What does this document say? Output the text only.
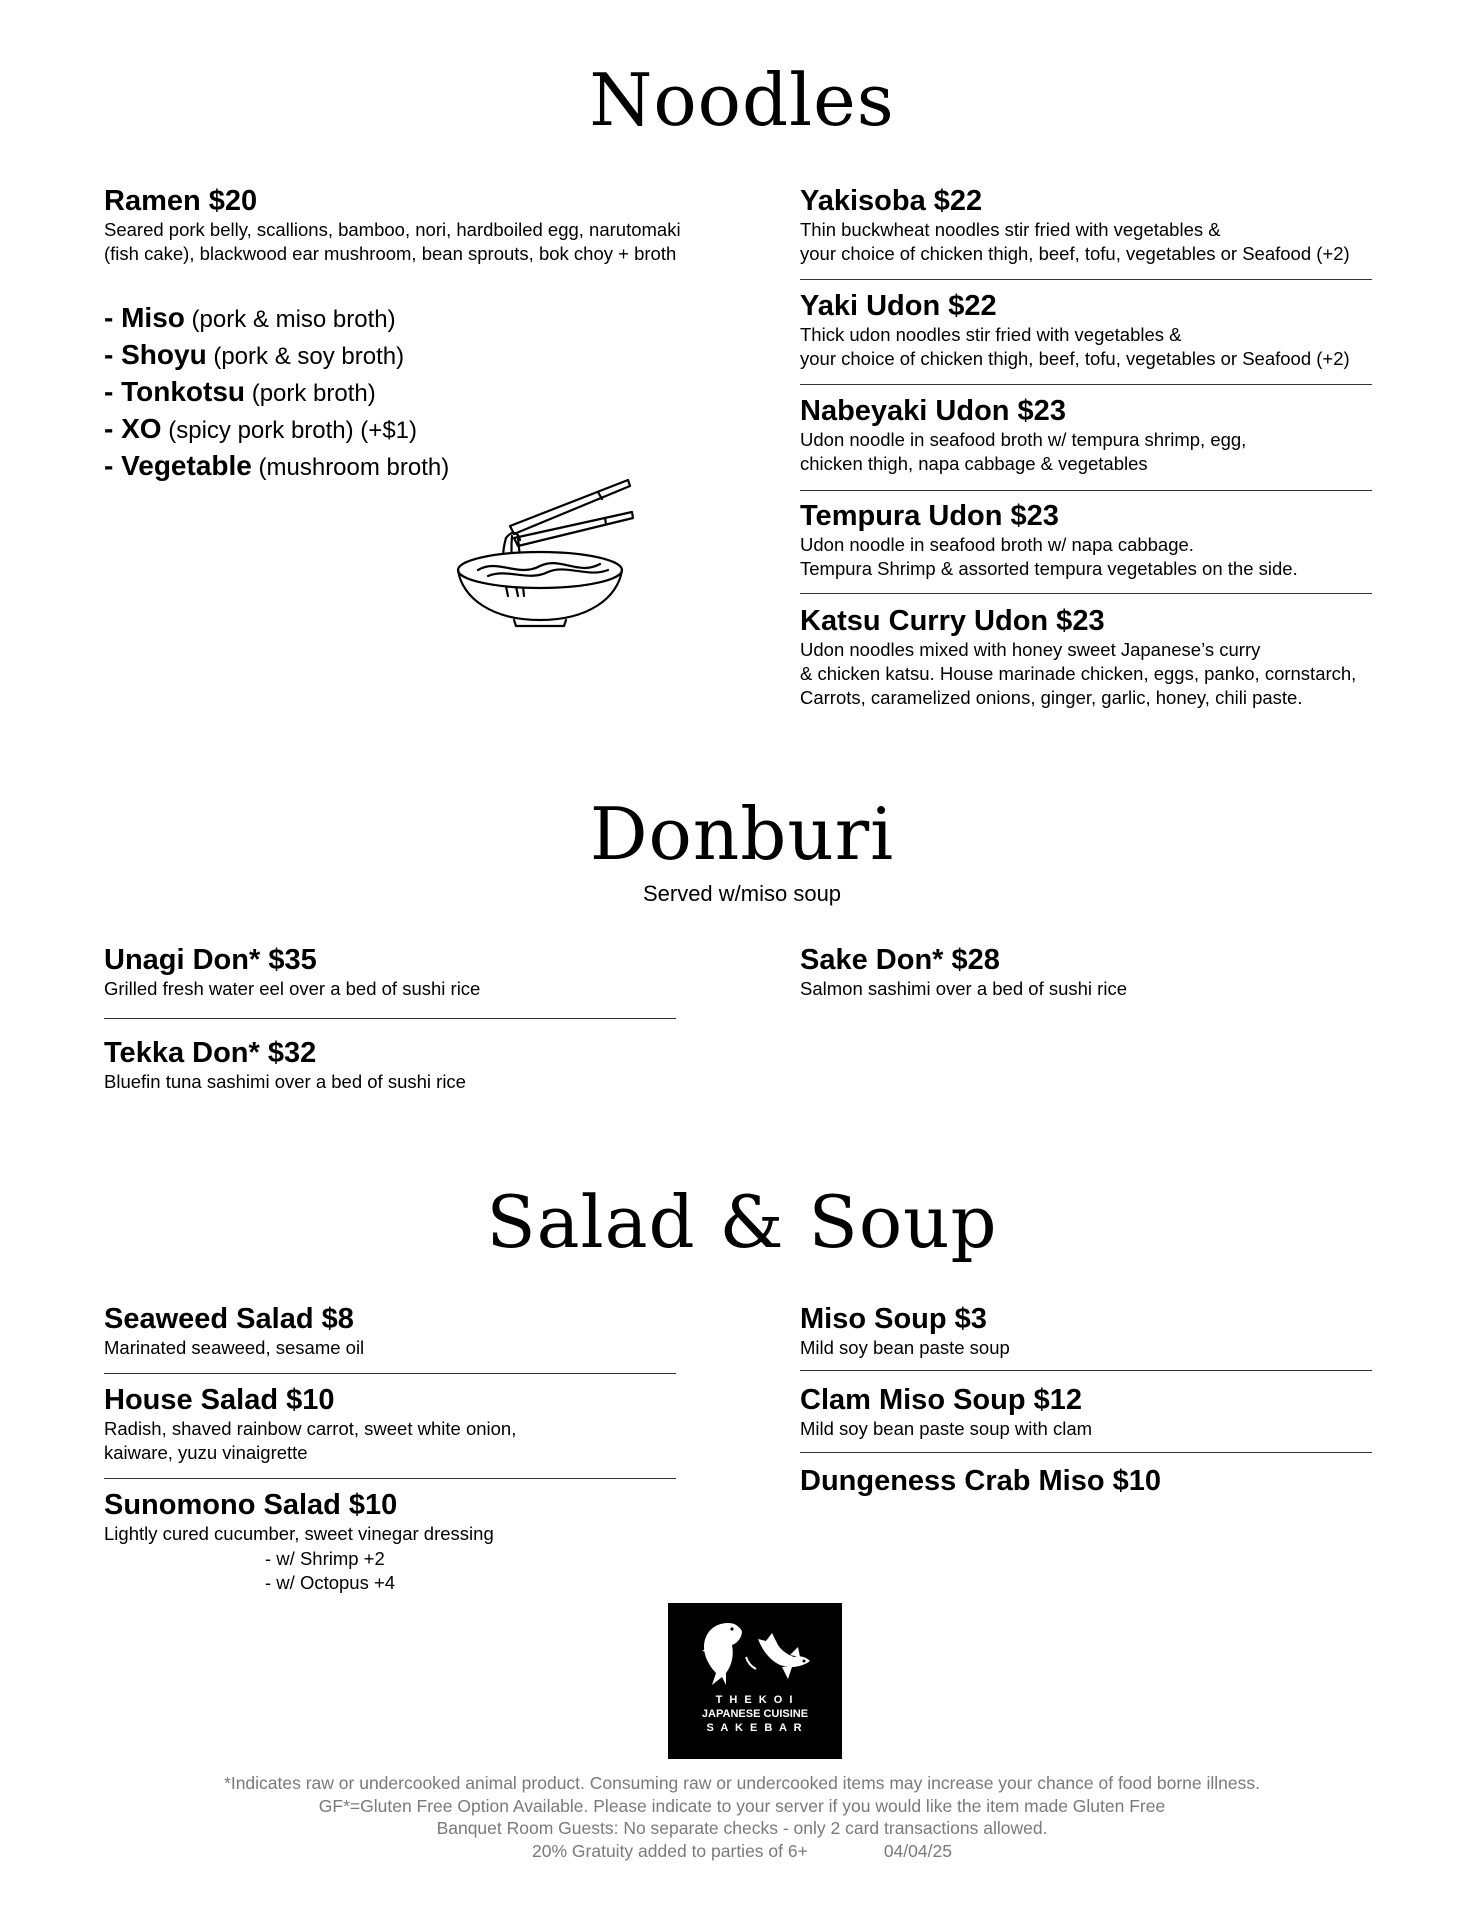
Noodles
Ramen $20
Seared pork belly, scallions, bamboo, nori, hardboiled egg, narutomaki
(fish cake), blackwood ear mushroom, bean sprouts, bok choy + broth
- Miso (pork & miso broth)
- Shoyu (pork & soy broth)
- Tonkotsu (pork broth)
- XO (spicy pork broth) (+$1)
- Vegetable (mushroom broth)
Yakisoba $22
Thin buckwheat noodles stir fried with vegetables &
your choice of chicken thigh, beef, tofu, vegetables or Seafood (+2)
Yaki Udon $22
Thick udon noodles stir fried with vegetables &
your choice of chicken thigh, beef, tofu, vegetables or Seafood (+2)
Nabeyaki Udon $23
Udon noodle in seafood broth w/ tempura shrimp, egg,
chicken thigh, napa cabbage & vegetables
Tempura Udon $23
Udon noodle in seafood broth w/ napa cabbage.
Tempura Shrimp & assorted tempura vegetables on the side.
Katsu Curry Udon $23
Udon noodles mixed with honey sweet Japanese’s curry
& chicken katsu. House marinade chicken, eggs, panko, cornstarch,
Carrots, caramelized onions, ginger, garlic, honey, chili paste.
Donburi
Served w/miso soup
Unagi Don* $35
Grilled fresh water eel over a bed of sushi rice
Tekka Don* $32
Bluefin tuna sashimi over a bed of sushi rice
Sake Don* $28
Salmon sashimi over a bed of sushi rice
Salad & Soup
Seaweed Salad $8
Marinated seaweed, sesame oil
House Salad $10
Radish, shaved rainbow carrot, sweet white onion,
kaiware, yuzu vinaigrette
Sunomono Salad $10
Lightly cured cucumber, sweet vinegar dressing
- w/ Shrimp +2
- w/ Octopus +4
Miso Soup $3
Mild soy bean paste soup
Clam Miso Soup $12
Mild soy bean paste soup with clam
Dungeness Crab Miso $10
T H E K O I
JAPANESE CUISINE
S A K E B A R
*Indicates raw or undercooked animal product. Consuming raw or undercooked items may increase your chance of food borne illness.
GF*=Gluten Free Option Available. Please indicate to your server if you would like the item made Gluten Free
Banquet Room Guests: No separate checks - only 2 card transactions allowed.
20% Gratuity added to parties of 6+	04/04/25
